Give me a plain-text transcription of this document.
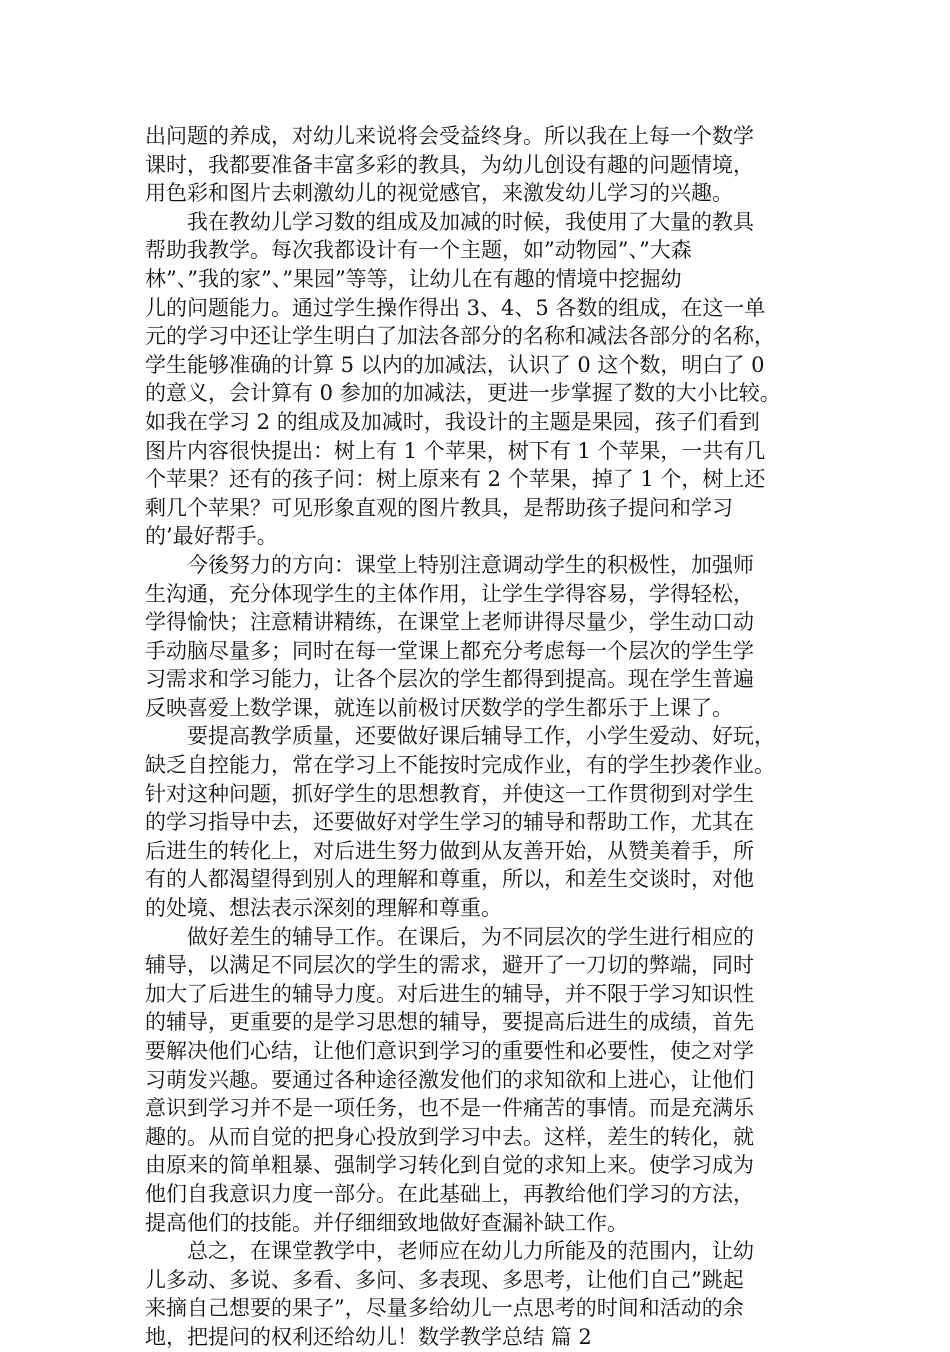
出问题的养成，对幼儿来说将会受益终身。所以我在上每一个数学
课时，我都要准备丰富多彩的教具，为幼儿创设有趣的问题情境，
用色彩和图片去刺激幼儿的视觉感官，来激发幼儿学习的兴趣。
　　我在教幼儿学习数的组成及加减的时候，我使用了大量的教具
帮助我教学。每次我都设计有一个主题，如”动物园”、”大森
林”、”我的家”、”果园”等等，让幼儿在有趣的情境中挖掘幼
儿的问题能力。通过学生操作得出 3、4、5 各数的组成，在这一单
元的学习中还让学生明白了加法各部分的名称和减法各部分的名称，
学生能够准确的计算 5 以内的加减法，认识了 0 这个数，明白了 0
的意义，会计算有 0 参加的加减法，更进一步掌握了数的大小比较。
如我在学习 2 的组成及加减时，我设计的主题是果园，孩子们看到
图片内容很快提出：树上有 1 个苹果，树下有 1 个苹果，一共有几
个苹果？还有的孩子问：树上原来有 2 个苹果，掉了 1 个，树上还
剩几个苹果？可见形象直观的图片教具，是帮助孩子提问和学习
的’最好帮手。
　　今後努力的方向：课堂上特别注意调动学生的积极性，加强师
生沟通，充分体现学生的主体作用，让学生学得容易，学得轻松，
学得愉快；注意精讲精练，在课堂上老师讲得尽量少，学生动口动
手动脑尽量多；同时在每一堂课上都充分考虑每一个层次的学生学
习需求和学习能力，让各个层次的学生都得到提高。现在学生普遍
反映喜爱上数学课，就连以前极讨厌数学的学生都乐于上课了。
　　要提高教学质量，还要做好课后辅导工作，小学生爱动、好玩，
缺乏自控能力，常在学习上不能按时完成作业，有的学生抄袭作业。
针对这种问题，抓好学生的思想教育，并使这一工作贯彻到对学生
的学习指导中去，还要做好对学生学习的辅导和帮助工作，尤其在
后进生的转化上，对后进生努力做到从友善开始，从赞美着手，所
有的人都渴望得到别人的理解和尊重，所以，和差生交谈时，对他
的处境、想法表示深刻的理解和尊重。
　　做好差生的辅导工作。在课后，为不同层次的学生进行相应的
辅导，以满足不同层次的学生的需求，避开了一刀切的弊端，同时
加大了后进生的辅导力度。对后进生的辅导，并不限于学习知识性
的辅导，更重要的是学习思想的辅导，要提高后进生的成绩，首先
要解决他们心结，让他们意识到学习的重要性和必要性，使之对学
习萌发兴趣。要通过各种途径激发他们的求知欲和上进心，让他们
意识到学习并不是一项任务，也不是一件痛苦的事情。而是充满乐
趣的。从而自觉的把身心投放到学习中去。这样，差生的转化，就
由原来的简单粗暴、强制学习转化到自觉的求知上来。使学习成为
他们自我意识力度一部分。在此基础上，再教给他们学习的方法，
提高他们的技能。并仔细细致地做好查漏补缺工作。
　　总之，在课堂教学中，老师应在幼儿力所能及的范围内，让幼
儿多动、多说、多看、多问、多表现、多思考，让他们自己”跳起
来摘自己想要的果子”，尽量多给幼儿一点思考的时间和活动的余
地，把提问的权利还给幼儿！数学教学总结 篇 2
